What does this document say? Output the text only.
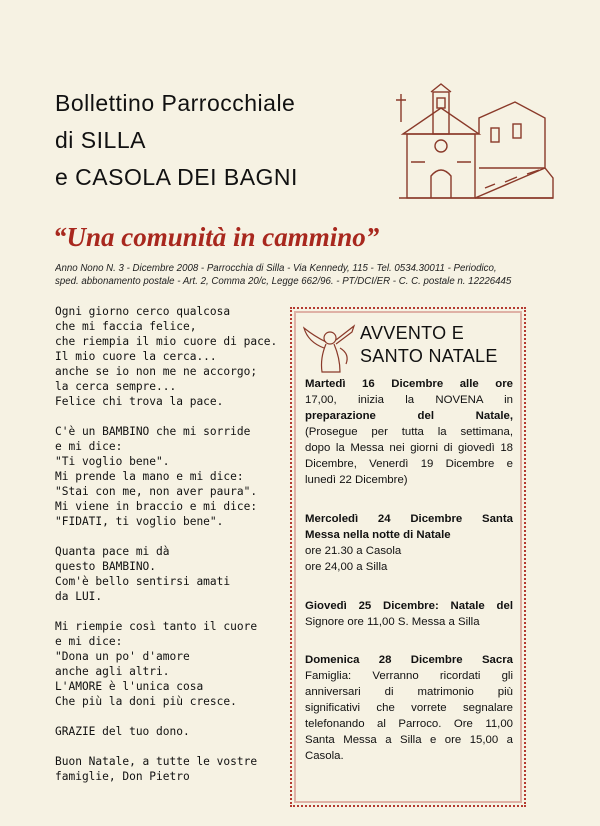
Bollettino Parrocchiale
di SILLA
e CASOLA DEI BAGNI
“Una comunità in cammino”
Anno Nono N. 3 - Dicembre 2008 - Parrocchia di Silla - Via Kennedy, 115 - Tel. 0534.30011 - Periodico,
sped. abbonamento postale - Art. 2, Comma 20/c, Legge 662/96. - PT/DCI/ER - C. C. postale n. 12226445
Ogni giorno cerco qualcosa
che mi faccia felice,
che riempia il mio cuore di pace.
Il mio cuore la cerca...
anche se io non me ne accorgo;
la cerca sempre...
Felice chi trova la pace.
C'è un BAMBINO che mi sorride
e mi dice:
"Ti voglio bene".
Mi prende la mano e mi dice:
"Stai con me, non aver paura".
Mi viene in braccio e mi dice:
"FIDATI, ti voglio bene".
Quanta pace mi dà
questo BAMBINO.
Com'è bello sentirsi amati
da LUI.
Mi riempie così tanto il cuore
e mi dice:
"Dona un po' d'amore
anche agli altri.
L'AMORE è l'unica cosa
Che più la doni più cresce.
GRAZIE del tuo dono.
Buon Natale, a tutte le vostre
famiglie, Don Pietro
AVVENTO E
SANTO NATALE
Martedì 16 Dicembre alle ore
17,00, inizia la NOVENA in
preparazione del Natale,
(Prosegue per tutta la settimana,
dopo la Messa nei giorni di giovedì 18
Dicembre, Venerdì 19 Dicembre e
lunedì 22 Dicembre)
Mercoledì 24 Dicembre Santa
Messa nella notte di Natale
ore 21.30 a Casola
ore 24,00 a Silla
Giovedì 25 Dicembre: Natale del
Signore ore 11,00 S. Messa a Silla
Domenica 28 Dicembre Sacra
Famiglia: Verranno ricordati gli
anniversari di matrimonio più
significativi che vorrete segnalare
telefonando al Parroco. Ore 11,00
Santa Messa a Silla e ore 15,00 a
Casola.
